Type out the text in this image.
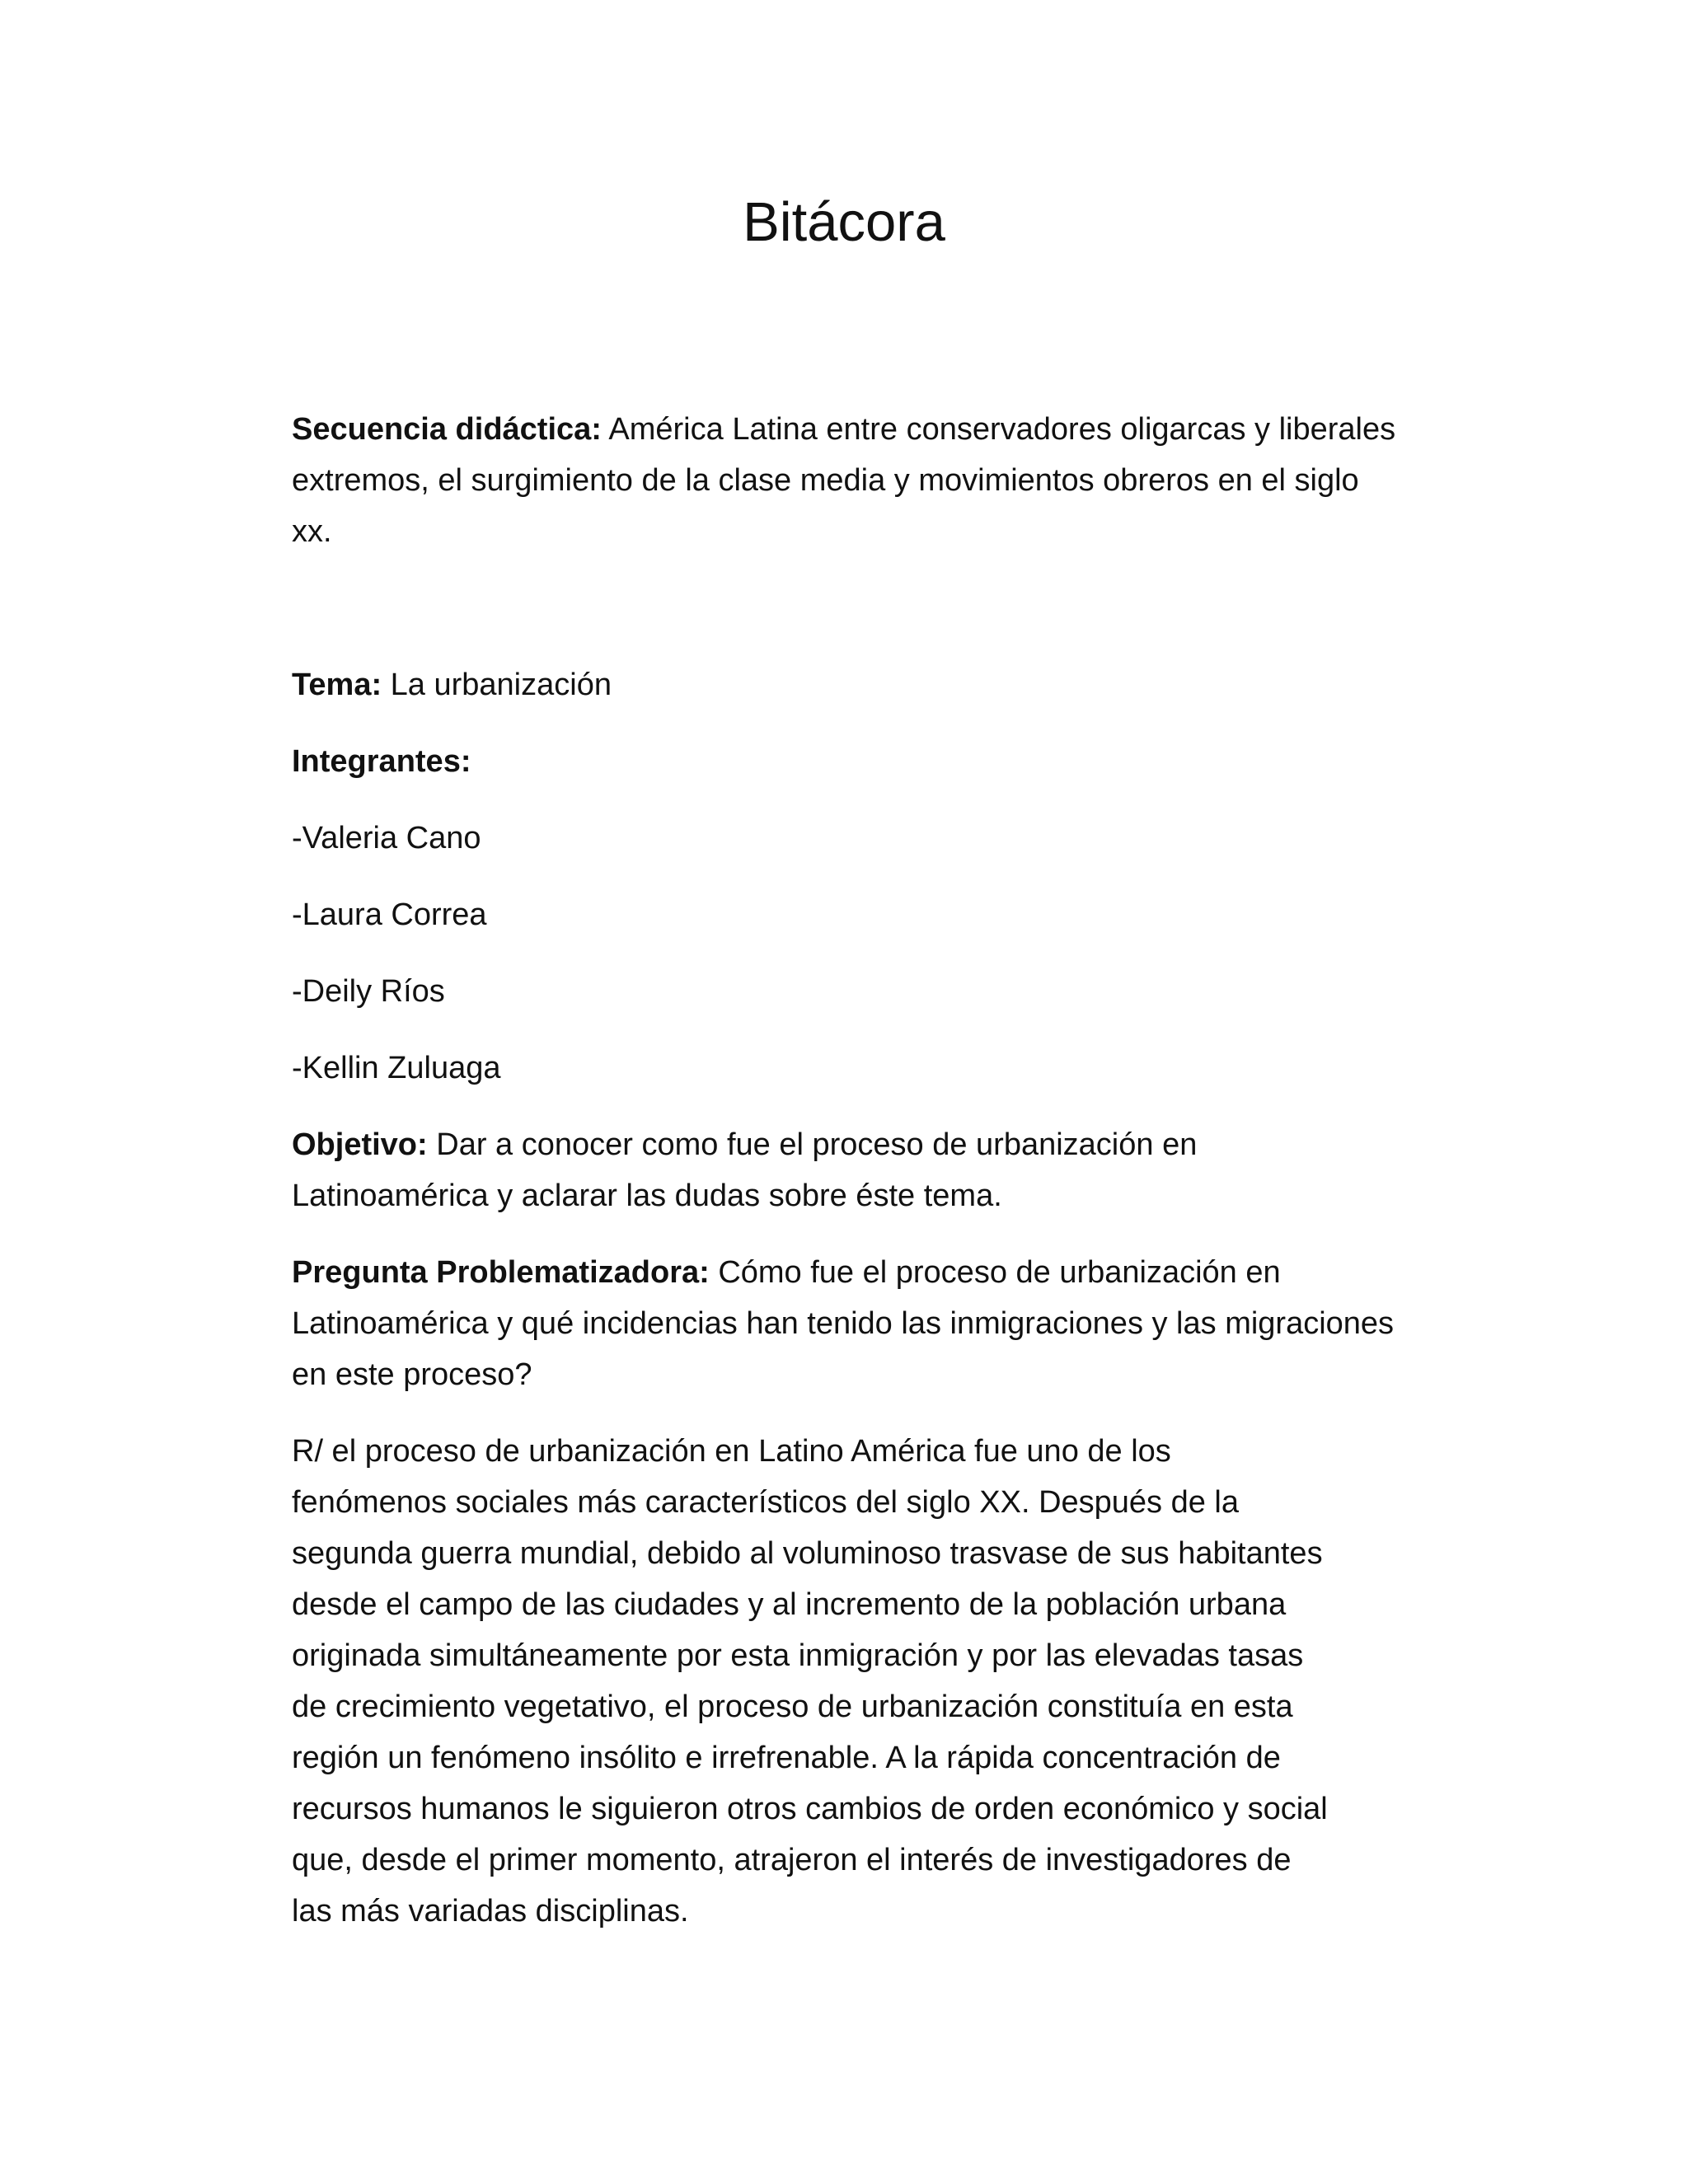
Bitácora

Secuencia didáctica: América Latina entre conservadores oligarcas y liberales extremos, el surgimiento de la clase media y movimientos obreros en el siglo xx.

Tema: La urbanización

Integrantes:

-Valeria Cano

-Laura Correa

-Deily Ríos

-Kellin Zuluaga

Objetivo: Dar a conocer como fue el proceso de urbanización en Latinoamérica y aclarar las dudas sobre éste tema.

Pregunta Problematizadora: Cómo fue el proceso de urbanización en Latinoamérica y qué incidencias han tenido las inmigraciones y las migraciones en este proceso?

R/ el proceso de urbanización en Latino América fue uno de los
fenómenos sociales más característicos del siglo XX. Después de la
segunda guerra mundial, debido al voluminoso trasvase de sus habitantes
desde el campo de las ciudades y al incremento de la población urbana
originada simultáneamente por esta inmigración y por las elevadas tasas
de crecimiento vegetativo, el proceso de urbanización constituía en esta
región un fenómeno insólito e irrefrenable. A la rápida concentración de
recursos humanos le siguieron otros cambios de orden económico y social
que, desde el primer momento, atrajeron el interés de investigadores de
las más variadas disciplinas.
